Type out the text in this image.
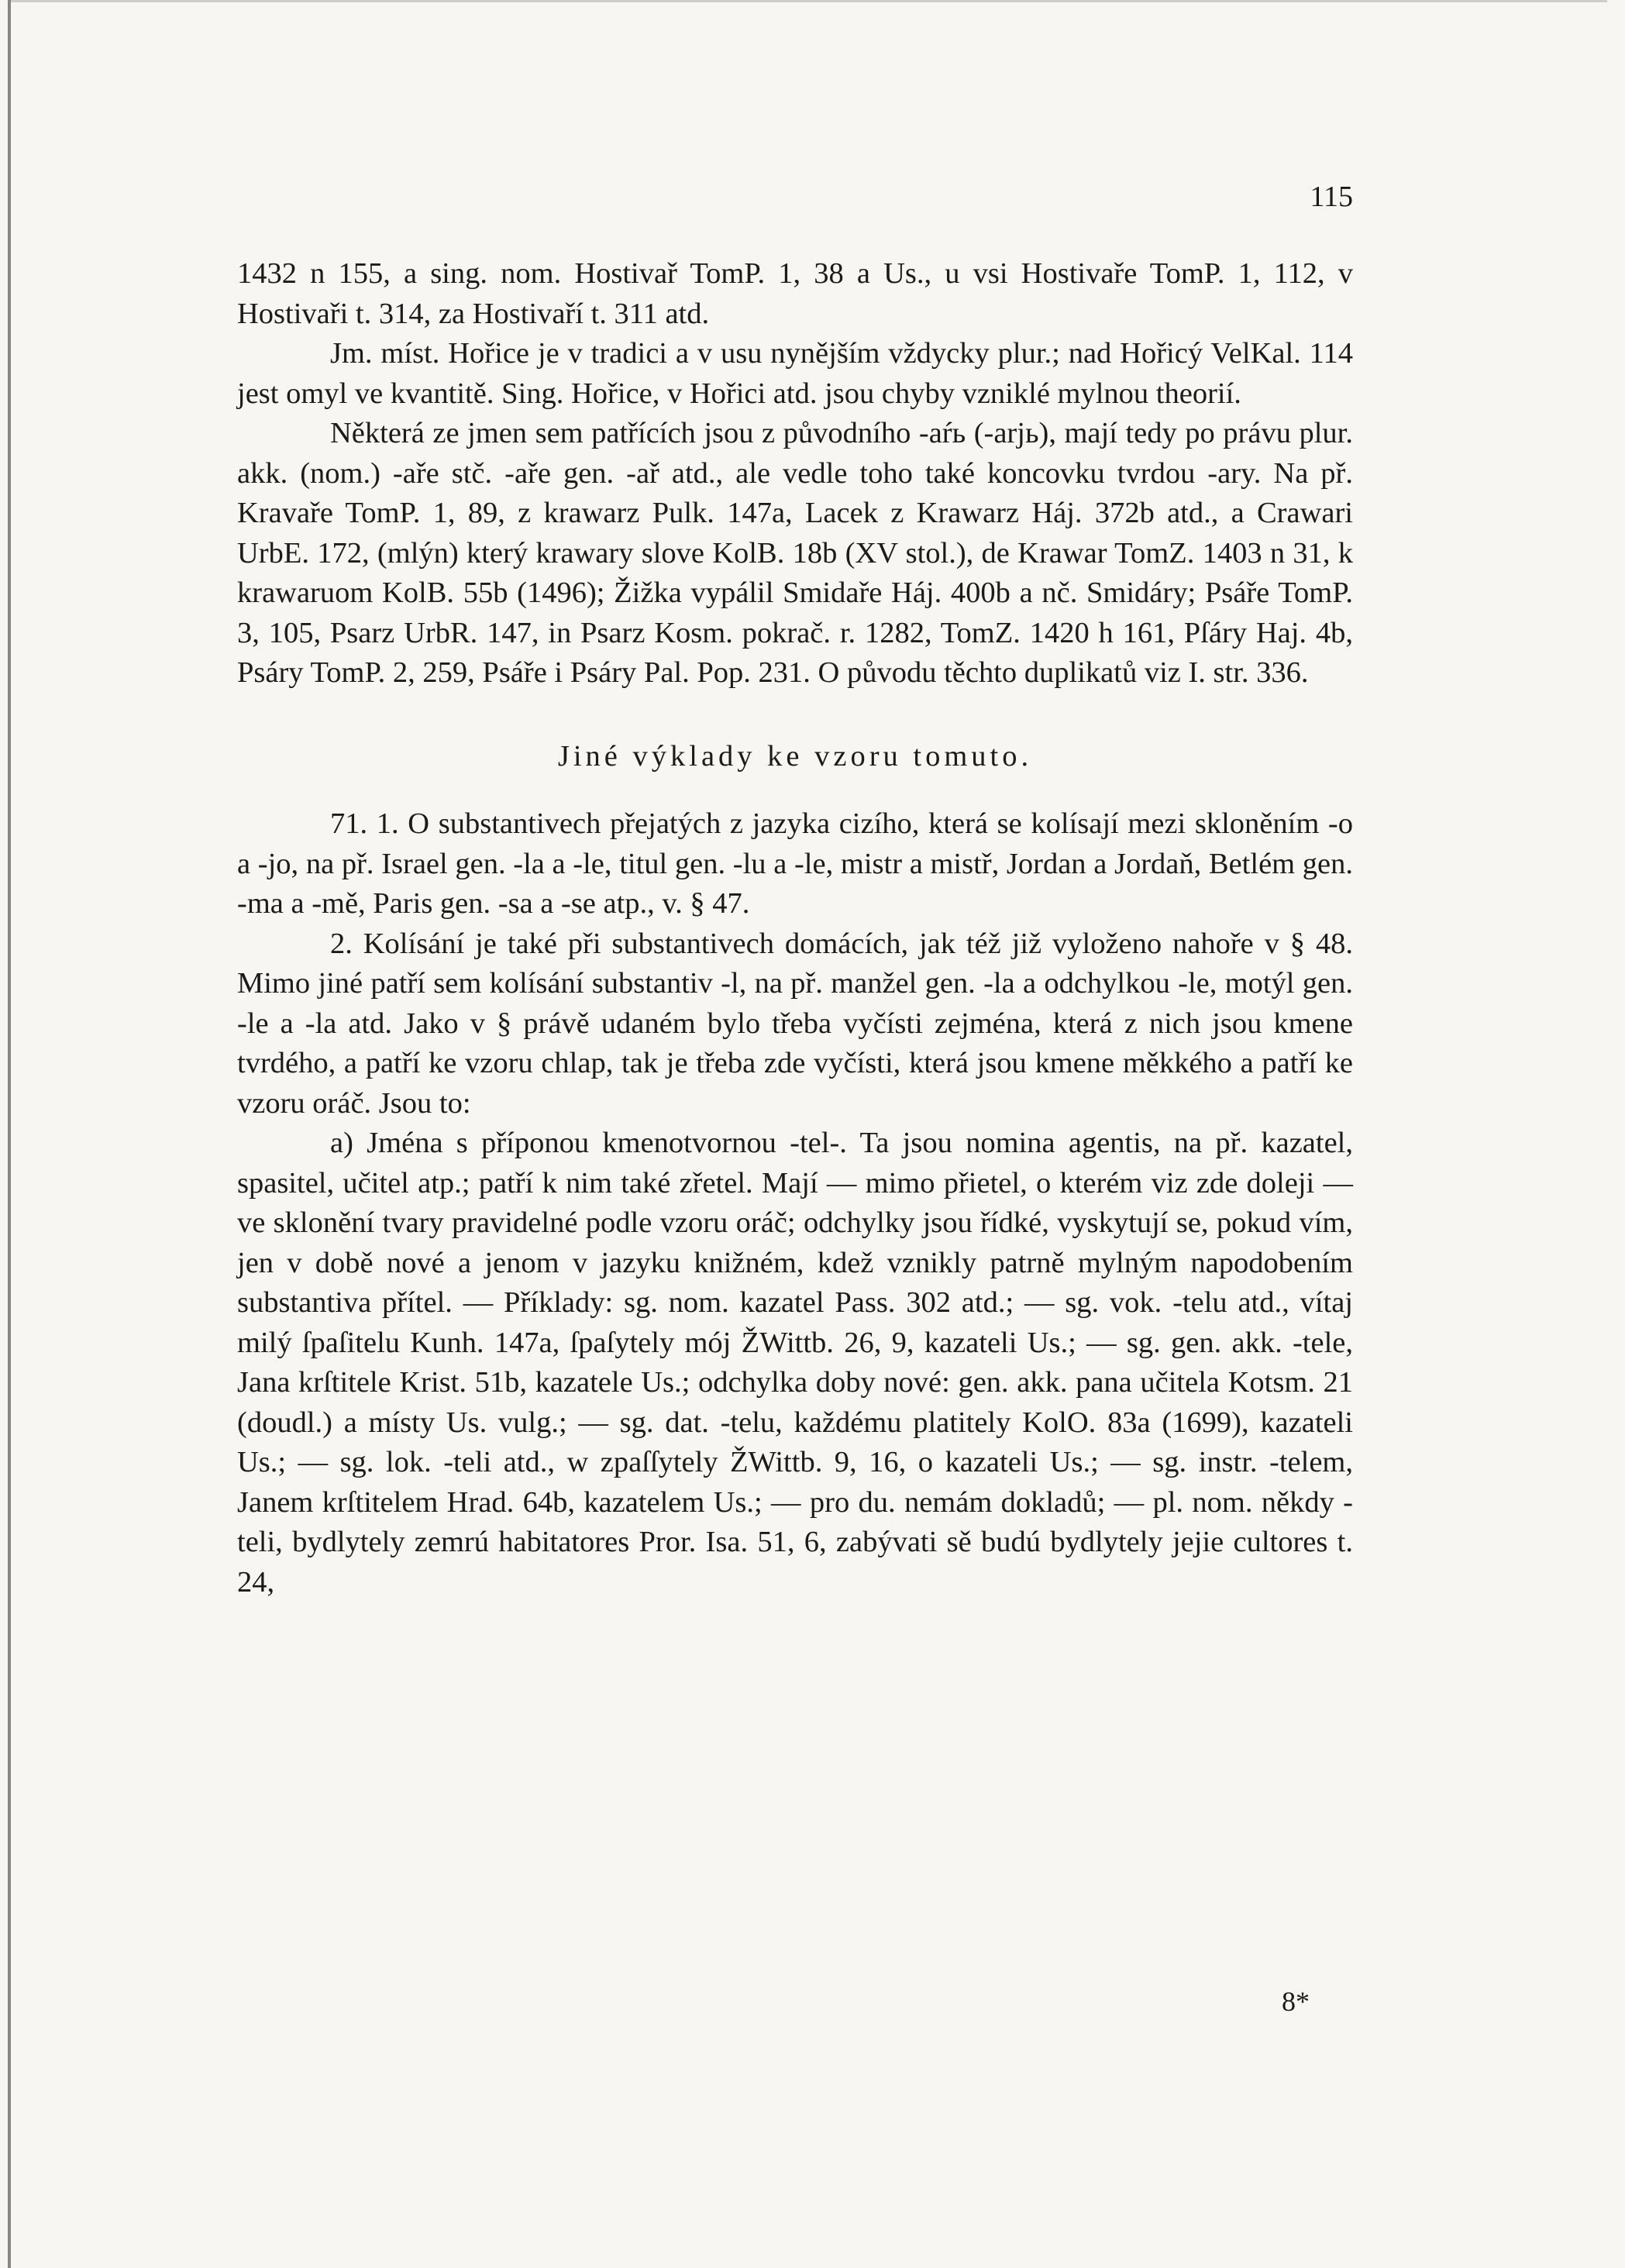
115

1432 n 155, a sing. nom. Hostivař TomP. 1, 38 a Us., u vsi Hostivaře TomP. 1, 112, v Hostivaři t. 314, za Hostivaří t. 311 atd.

Jm. míst. Hořice je v tradici a v usu nynějším vždycky plur.; nad Hořicý VelKal. 114 jest omyl ve kvantitě. Sing. Hořice, v Hořici atd. jsou chyby vzniklé mylnou theorií.

Některá ze jmen sem patřících jsou z původního -aŕь (-arjь), mají tedy po právu plur. akk. (nom.) -aře stč. -aře gen. -ař atd., ale vedle toho také koncovku tvrdou -ary. Na př. Kravaře TomP. 1, 89, z krawarz Pulk. 147a, Lacek z Krawarz Háj. 372b atd., a Crawari UrbE. 172, (mlýn) který krawary slove KolB. 18b (XV stol.), de Krawar TomZ. 1403 n 31, k krawaruom KolB. 55b (1496); Žižka vypálil Smidaře Háj. 400b a nč. Smidáry; Psáře TomP. 3, 105, Psarz UrbR. 147, in Psarz Kosm. pokrač. r. 1282, TomZ. 1420 h 161, Pſáry Haj. 4b, Psáry TomP. 2, 259, Psáře i Psáry Pal. Pop. 231. O původu těchto duplikatů viz I. str. 336.

Jiné výklady ke vzoru tomuto.

71. 1. O substantivech přejatých z jazyka cizího, která se kolísají mezi skloněním -o a -jo, na př. Israel gen. -la a -le, titul gen. -lu a -le, mistr a mistř, Jordan a Jordaň, Betlém gen. -ma a -mě, Paris gen. -sa a -se atp., v. § 47.

2. Kolísání je také při substantivech domácích, jak též již vyloženo nahoře v § 48. Mimo jiné patří sem kolísání substantiv -l, na př. manžel gen. -la a odchylkou -le, motýl gen. -le a -la atd. Jako v § právě udaném bylo třeba vyčísti zejména, která z nich jsou kmene tvrdého, a patří ke vzoru chlap, tak je třeba zde vyčísti, která jsou kmene měkkého a patří ke vzoru oráč. Jsou to:

a) Jména s příponou kmenotvornou -tel-. Ta jsou nomina agentis, na př. kazatel, spasitel, učitel atp.; patří k nim také zřetel. Mají — mimo přietel, o kterém viz zde doleji — ve sklonění tvary pravidelné podle vzoru oráč; odchylky jsou řídké, vyskytují se, pokud vím, jen v době nové a jenom v jazyku knižném, kdež vznikly patrně mylným napodobením substantiva přítel. — Příklady: sg. nom. kazatel Pass. 302 atd.; — sg. vok. -telu atd., vítaj milý ſpaſitelu Kunh. 147a, ſpaſytely mój ŽWittb. 26, 9, kazateli Us.; — sg. gen. akk. -tele, Jana krſtitele Krist. 51b, kazatele Us.; odchylka doby nové: gen. akk. pana učitela Kotsm. 21 (doudl.) a místy Us. vulg.; — sg. dat. -telu, každému platitely KolO. 83a (1699), kazateli Us.; — sg. lok. -teli atd., w zpaſſytely ŽWittb. 9, 16, o kazateli Us.; — sg. instr. -telem, Janem krſtitelem Hrad. 64b, kazatelem Us.; — pro du. nemám dokladů; — pl. nom. někdy -teli, bydlytely zemrú habitatores Pror. Isa. 51, 6, zabývati sě budú bydlytely jejie cultores t. 24,

8*
